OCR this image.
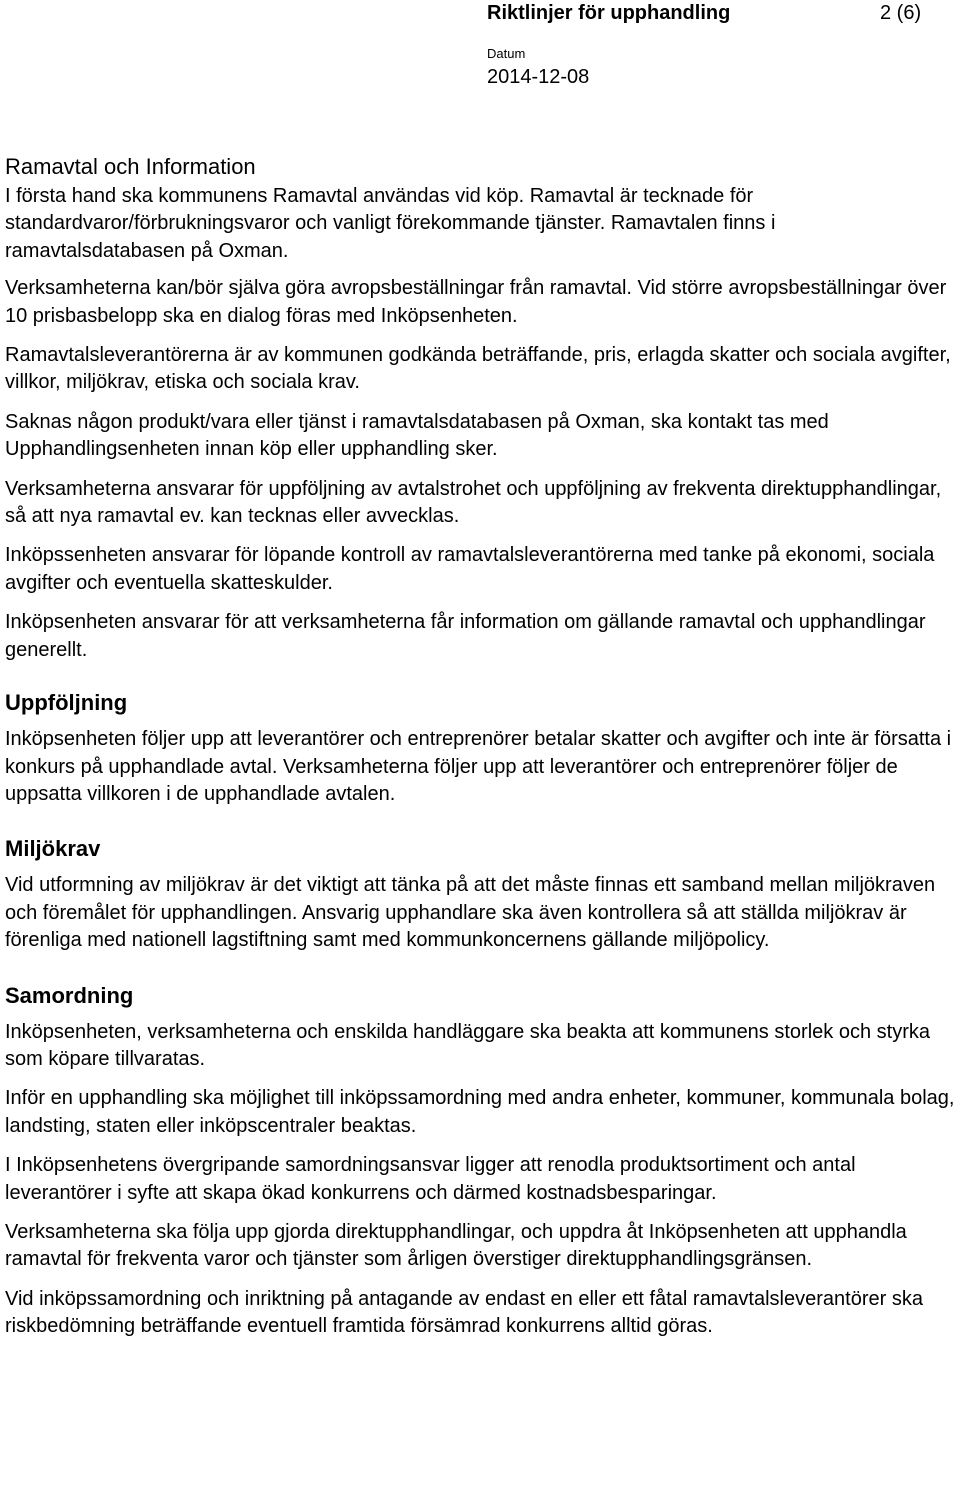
Riktlinjer för upphandling	2 (6)
Datum
2014-12-08
Ramavtal och Information

I första hand ska kommunens Ramavtal användas vid köp. Ramavtal är tecknade för standardvaror/förbrukningsvaror och vanligt förekommande tjänster. Ramavtalen finns i ramavtalsdatabasen på Oxman.

Verksamheterna kan/bör själva göra avropsbeställningar från ramavtal. Vid större avropsbeställningar över 10 prisbasbelopp ska en dialog föras med Inköpsenheten.

Ramavtalsleverantörerna är av kommunen godkända beträffande, pris, erlagda skatter och sociala avgifter, villkor, miljökrav, etiska och sociala krav.

Saknas någon produkt/vara eller tjänst i ramavtalsdatabasen på Oxman, ska kontakt tas med Upphandlingsenheten innan köp eller upphandling sker.

Verksamheterna ansvarar för uppföljning av avtalstrohet och uppföljning av frekventa direktupphandlingar, så att nya ramavtal ev. kan tecknas eller avvecklas.

Inköpssenheten ansvarar för löpande kontroll av ramavtalsleverantörerna med tanke på ekonomi, sociala avgifter och eventuella skatteskulder.

Inköpsenheten ansvarar för att verksamheterna får information om gällande ramavtal och upphandlingar generellt.

Uppföljning

Inköpsenheten följer upp att leverantörer och entreprenörer betalar skatter och avgifter och inte är försatta i konkurs på upphandlade avtal. Verksamheterna följer upp att leverantörer och entreprenörer följer de uppsatta villkoren i de upphandlade avtalen.

Miljökrav

Vid utformning av miljökrav är det viktigt att tänka på att det måste finnas ett samband mellan miljökraven och föremålet för upphandlingen. Ansvarig upphandlare ska även kontrollera så att ställda miljökrav är förenliga med nationell lagstiftning samt med kommunkoncernens gällande miljöpolicy.

Samordning

Inköpsenheten, verksamheterna och enskilda handläggare ska beakta att kommunens storlek och styrka som köpare tillvaratas.

Inför en upphandling ska möjlighet till inköpssamordning med andra enheter, kommuner, kommunala bolag, landsting, staten eller inköpscentraler beaktas.

I Inköpsenhetens övergripande samordningsansvar ligger att renodla produktsortiment och antal leverantörer i syfte att skapa ökad konkurrens och därmed kostnadsbesparingar.

Verksamheterna ska följa upp gjorda direktupphandlingar, och uppdra åt Inköpsenheten att upphandla ramavtal för frekventa varor och tjänster som årligen överstiger direktupphandlingsgränsen.

Vid inköpssamordning och inriktning på antagande av endast en eller ett fåtal ramavtalsleverantörer ska riskbedömning beträffande eventuell framtida försämrad konkurrens alltid göras.
